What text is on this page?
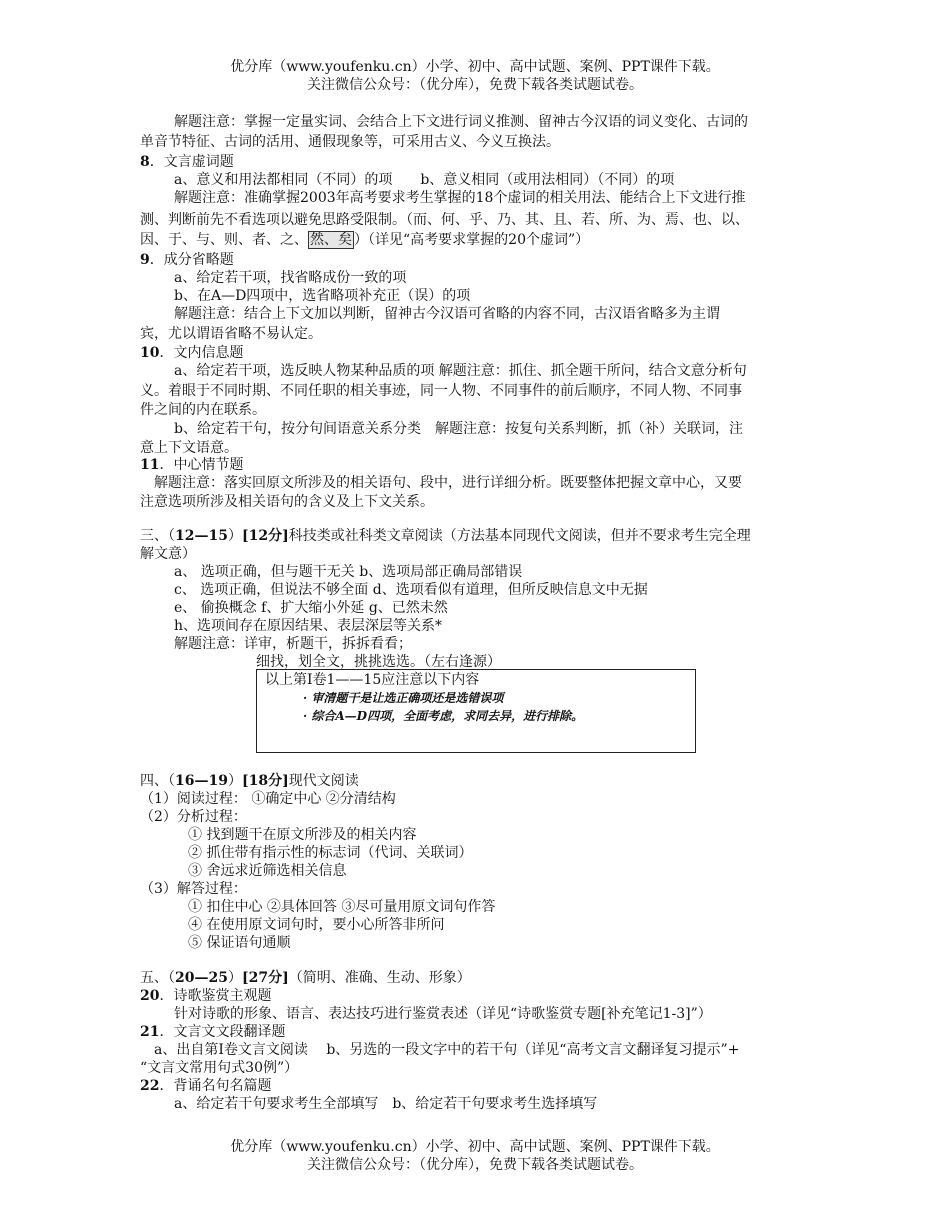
优分库（www.youfenku.cn）小学、初中、高中试题、案例、PPT课件下载。
关注微信公众号：（优分库），免费下载各类试题试卷。
解题注意：掌握一定量实词、会结合上下文进行词义推测、留神古今汉语的词义变化、古词的
单音节特征、古词的活用、通假现象等，可采用古义、今义互换法。
8．文言虚词题
a、意义和用法都相同（不同）的项　　b、意义相同（或用法相同）（不同）的项
解题注意：准确掌握2003年高考要求考生掌握的18个虚词的相关用法、能结合上下文进行推
测、判断前先不看选项以避免思路受限制。（而、何、乎、乃、其、且、若、所、为、焉、也、以、
因、于、与、则、者、之、 然、矣 ）（详见“高考要求掌握的20个虚词”）
9．成分省略题
a、给定若干项，找省略成份一致的项
b、在A—D四项中，选省略项补充正（误）的项
解题注意：结合上下文加以判断，留神古今汉语可省略的内容不同，古汉语省略多为主谓
宾，尤以谓语省略不易认定。
10．文内信息题
a、给定若干项，选反映人物某种品质的项 解题注意：抓住、抓全题干所问，结合文意分析句
义。着眼于不同时期、不同任职的相关事迹，同一人物、不同事件的前后顺序，不同人物、不同事
件之间的内在联系。
b、给定若干句，按分句间语意关系分类　解题注意：按复句关系判断，抓（补）关联词，注
意上下文语意。
11．中心情节题
解题注意：落实回原文所涉及的相关语句、段中，进行详细分析。既要整体把握文章中心，又要
注意选项所涉及相关语句的含义及上下文关系。
三、（12—15）[12分]科技类或社科类文章阅读（方法基本同现代文阅读，但并不要求考生完全理
解文意）
a、 选项正确，但与题干无关 b、选项局部正确局部错误
c、 选项正确，但说法不够全面 d、选项看似有道理，但所反映信息文中无据
e、 偷换概念 f、扩大缩小外延 g、已然未然
h、选项间存在原因结果、表层深层等关系*
解题注意：详审，析题干，拆拆看看；
细找，划全文，挑挑选选。（左右逢源）
以上第Ⅰ卷1——15应注意以下内容
· 审清题干是让选正确项还是选错误项
· 综合A—D四项，全面考虑，求同去异，进行排除。
四、（16—19）[18分]现代文阅读
（1）阅读过程： ①确定中心 ②分清结构
（2）分析过程：
① 找到题干在原文所涉及的相关内容
② 抓住带有指示性的标志词（代词、关联词）
③ 舍远求近筛选相关信息
（3）解答过程：
① 扣住中心 ②具体回答 ③尽可量用原文词句作答
④ 在使用原文词句时，要小心所答非所问
⑤ 保证语句通顺
五、（20—25）[27分]（简明、准确、生动、形象）
20．诗歌鉴赏主观题
针对诗歌的形象、语言、表达技巧进行鉴赏表述（详见“诗歌鉴赏专题[补充笔记1-3]”）
21．文言文文段翻译题
a、出自第Ⅰ卷文言文阅读　 b、另选的一段文字中的若干句（详见“高考文言文翻译复习提示”+
“文言文常用句式30例”）
22．背诵名句名篇题
a、给定若干句要求考生全部填写　b、给定若干句要求考生选择填写
优分库（www.youfenku.cn）小学、初中、高中试题、案例、PPT课件下载。
关注微信公众号：（优分库），免费下载各类试题试卷。
